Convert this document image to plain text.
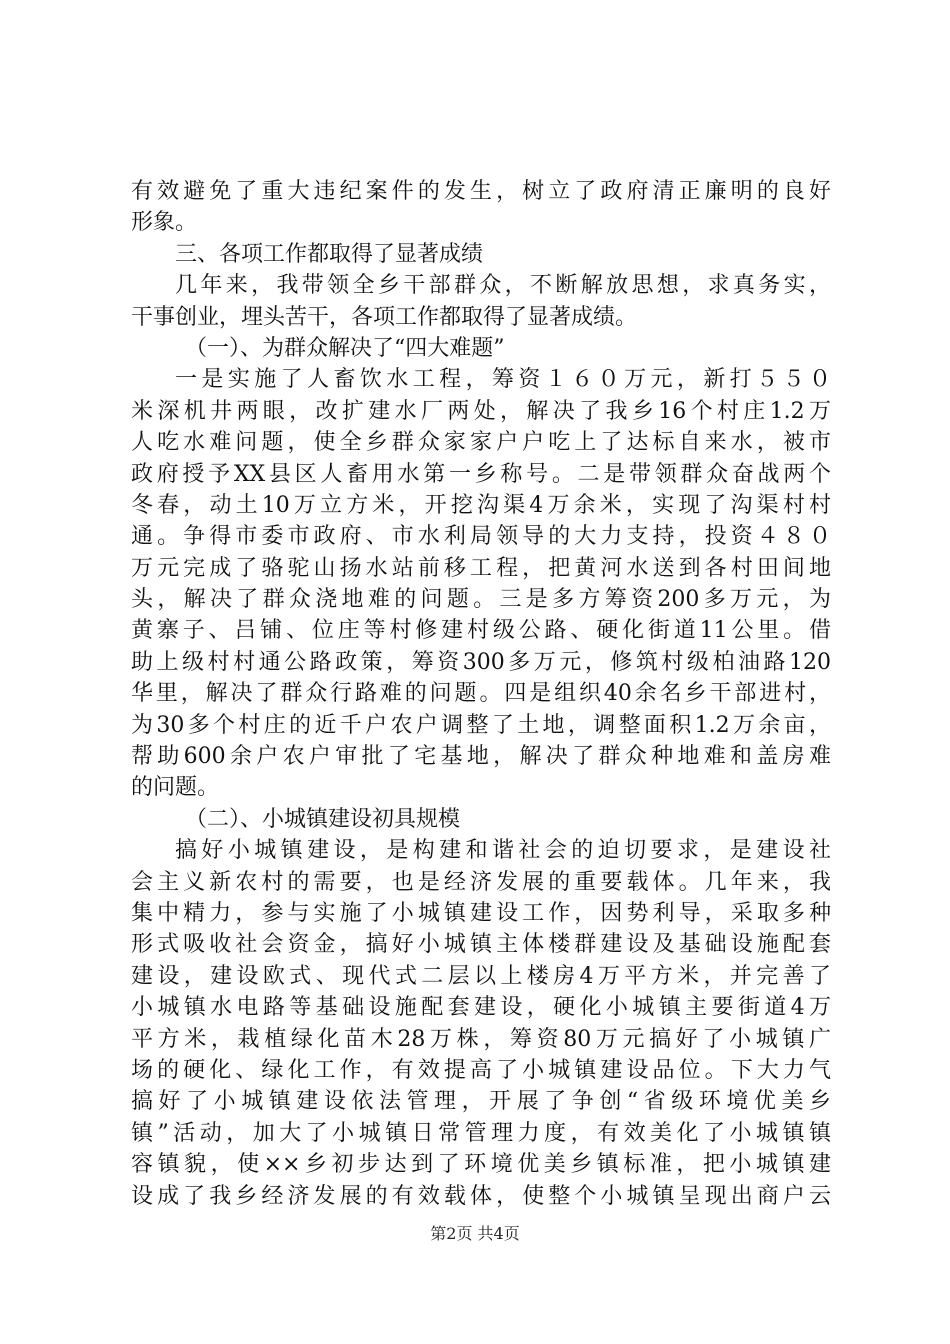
有效避免了重大违纪案件的发生，树立了政府清正廉明的良好
形象。
三、各项工作都取得了显著成绩
几年来，我带领全乡干部群众，不断解放思想，求真务实，
干事创业，埋头苦干，各项工作都取得了显著成绩。
（一）、为群众解决了“四大难题”
一是实施了人畜饮水工程，筹资１６０万元，新打５５０
米深机井两眼，改扩建水厂两处，解决了我乡16个村庄1.2万
人吃水难问题，使全乡群众家家户户吃上了达标自来水，被市
政府授予XX县区人畜用水第一乡称号。二是带领群众奋战两个
冬春，动土10万立方米，开挖沟渠4万余米，实现了沟渠村村
通。争得市委市政府、市水利局领导的大力支持，投资４８０
万元完成了骆驼山扬水站前移工程，把黄河水送到各村田间地
头，解决了群众浇地难的问题。三是多方筹资200多万元，为
黄寨子、吕铺、位庄等村修建村级公路、硬化街道11公里。借
助上级村村通公路政策，筹资300多万元，修筑村级柏油路120
华里，解决了群众行路难的问题。四是组织40余名乡干部进村，
为30多个村庄的近千户农户调整了土地，调整面积1.2万余亩，
帮助600余户农户审批了宅基地，解决了群众种地难和盖房难
的问题。
（二）、小城镇建设初具规模
搞好小城镇建设，是构建和谐社会的迫切要求，是建设社
会主义新农村的需要，也是经济发展的重要载体。几年来，我
集中精力，参与实施了小城镇建设工作，因势利导，采取多种
形式吸收社会资金，搞好小城镇主体楼群建设及基础设施配套
建设，建设欧式、现代式二层以上楼房4万平方米，并完善了
小城镇水电路等基础设施配套建设，硬化小城镇主要街道4万
平方米，栽植绿化苗木28万株，筹资80万元搞好了小城镇广
场的硬化、绿化工作，有效提高了小城镇建设品位。下大力气
搞好了小城镇建设依法管理，开展了争创“省级环境优美乡
镇”活动，加大了小城镇日常管理力度，有效美化了小城镇镇
容镇貌，使××乡初步达到了环境优美乡镇标准，把小城镇建
设成了我乡经济发展的有效载体，使整个小城镇呈现出商户云
第2页 共4页
